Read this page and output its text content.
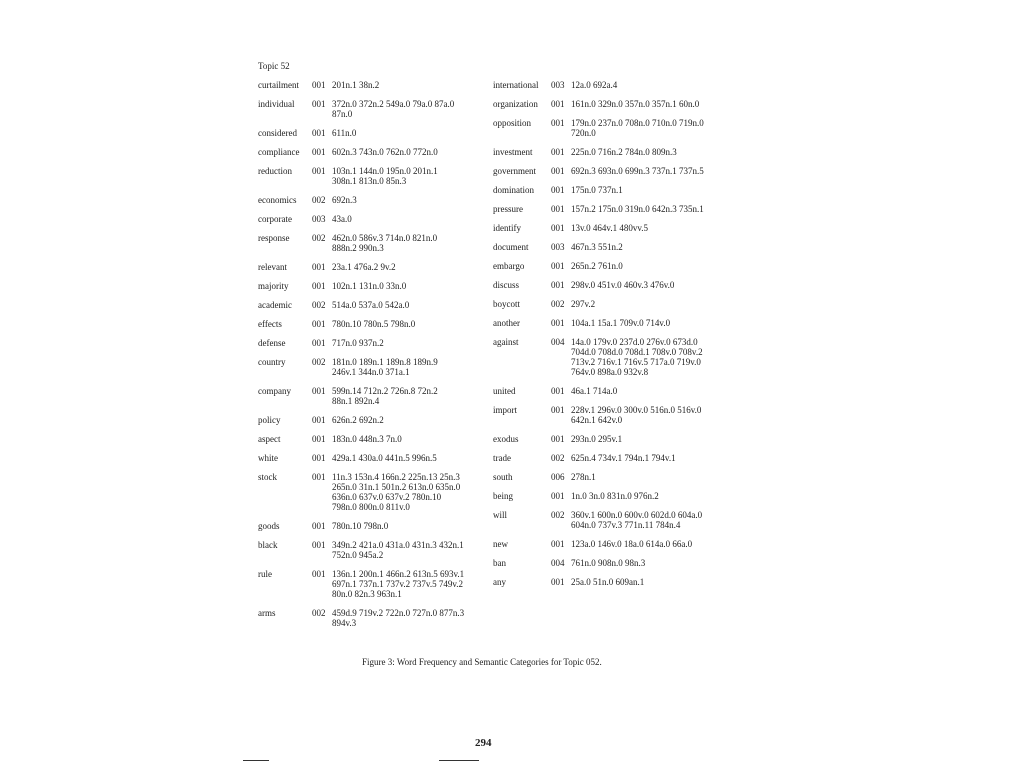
Topic 52
curtailment	001 201n.1 38n.2
individual	001 372n.0 372n.2 549a.0 79a.0 87a.0
87n.0
considered	001 611n.0
compliance	001 602n.3 743n.0 762n.0 772n.0
reduction	001 103n.1 144n.0 195n.0 201n.1
308n.1 813n.0 85n.3
economics	002 692n.3
corporate	003 43a.0
response	002 462n.0 586v.3 714n.0 821n.0
888n.2 990n.3
relevant	001 23a.1 476a.2 9v.2
majority	001 102n.1 131n.0 33n.0
academic	002 514a.0 537a.0 542a.0
effects	001 780n.10 780n.5 798n.0
defense	001 717n.0 937n.2
country	002 181n.0 189n.1 189n.8 189n.9
246v.1 344n.0 371a.1
company	001 599n.14 712n.2 726n.8 72n.2
88n.1 892n.4
policy	001 626n.2 692n.2
aspect	001 183n.0 448n.3 7n.0
white	001 429a.1 430a.0 441n.5 996n.5
stock	001 11n.3 153n.4 166n.2 225n.13 25n.3
265n.0 31n.1 501n.2 613n.0 635n.0
636n.0 637v.0 637v.2 780n.10
798n.0 800n.0 811v.0
goods	001 780n.10 798n.0
black	001 349n.2 421a.0 431a.0 431n.3 432n.1
752n.0 945a.2
rule	001 136n.1 200n.1 466n.2 613n.5 693v.1
697n.1 737n.1 737v.2 737v.5 749v.2
80n.0 82n.3 963n.1
arms	002 459d.9 719v.2 722n.0 727n.0 877n.3
894v.3
international	003 12a.0 692a.4
organization	001 161n.0 329n.0 357n.0 357n.1 60n.0
opposition	001 179n.0 237n.0 708n.0 710n.0 719n.0
720n.0
investment	001 225n.0 716n.2 784n.0 809n.3
government	001 692n.3 693n.0 699n.3 737n.1 737n.5
domination	001 175n.0 737n.1
pressure	001 157n.2 175n.0 319n.0 642n.3 735n.1
identify	001 13v.0 464v.1 480vv.5
document	003 467n.3 551n.2
embargo	001 265n.2 761n.0
discuss	001 298v.0 451v.0 460v.3 476v.0
boycott	002 297v.2
another	001 104a.1 15a.1 709v.0 714v.0
against	004 14a.0 179v.0 237d.0 276v.0 673d.0
704d.0 708d.0 708d.1 708v.0 708v.2
713v.2 716v.1 716v.5 717a.0 719v.0
764v.0 898a.0 932v.8
united	001 46a.1 714a.0
import	001 228v.1 296v.0 300v.0 516n.0 516v.0
642n.1 642v.0
exodus	001 293n.0 295v.1
trade	002 625n.4 734v.1 794n.1 794v.1
south	006 278n.1
being	001 1n.0 3n.0 831n.0 976n.2
will	002 360v.1 600n.0 600v.0 602d.0 604a.0
604n.0 737v.3 771n.11 784n.4
new	001 123a.0 146v.0 18a.0 614a.0 66a.0
ban	004 761n.0 908n.0 98n.3
any	001 25a.0 51n.0 609an.1
Figure 3: Word Frequency and Semantic Categories for Topic 052.
294
